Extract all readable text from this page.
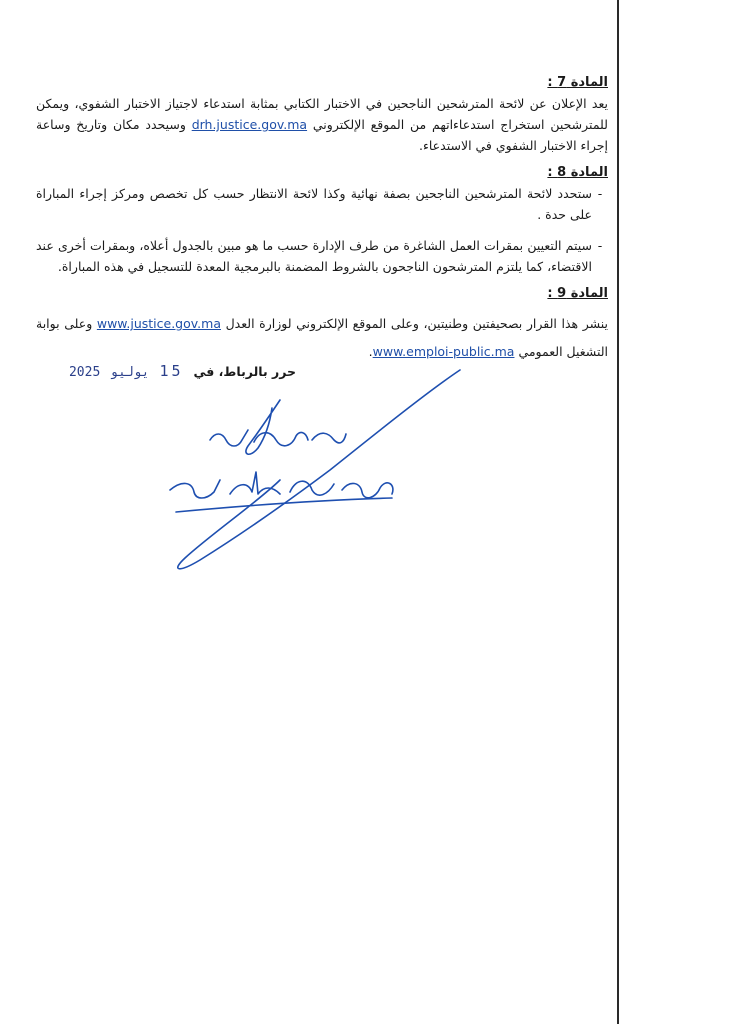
المادة 7 :

يعد الإعلان عن لائحة المترشحين الناجحين في الاختبار الكتابي بمثابة استدعاء لاجتياز الاختبار الشفوي، ويمكن للمترشحين استخراج استدعاءاتهم من الموقع الإلكتروني drh.justice.gov.ma وسيحدد مكان وتاريخ وساعة إجراء الاختبار الشفوي في الاستدعاء.

المادة 8 :

-
ستحدد لائحة المترشحين الناجحين بصفة نهائية وكذا لائحة الانتظار حسب كل تخصص ومركز إجراء المباراة على حدة .
-
سيتم التعيين بمقرات العمل الشاغرة من طرف الإدارة حسب ما هو مبين بالجدول أعلاه، وبمقرات أخرى عند الاقتضاء، كما يلتزم المترشحون الناجحون بالشروط المضمنة بالبرمجية المعدة للتسجيل في هذه المباراة.

المادة 9 :

ينشر هذا القرار بصحيفتين وطنيتين، وعلى الموقع الإلكتروني لوزارة العدل www.justice.gov.ma وعلى بوابة التشغيل العمومي www.emploi-public.ma.

حرر بالرباط، في
15
يوليو
2025
